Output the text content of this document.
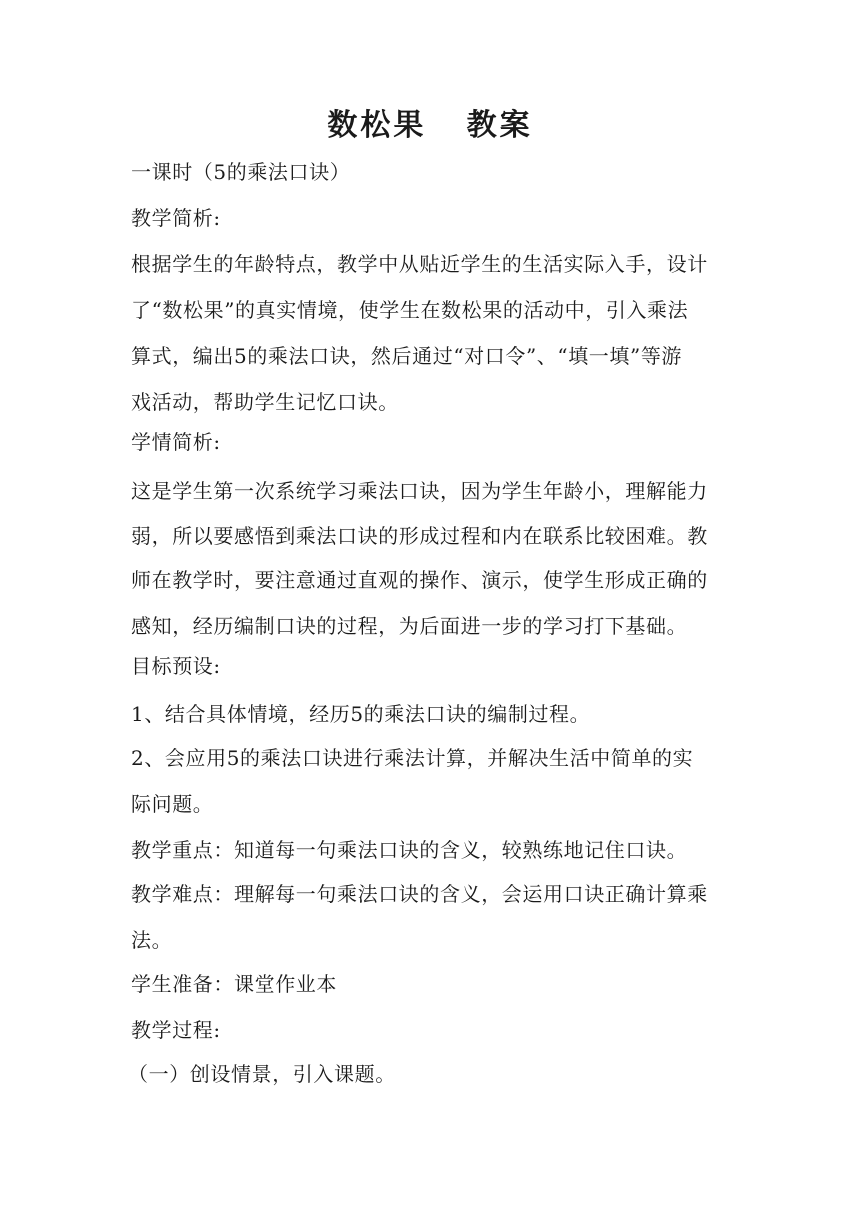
数松果   教案
一课时（5的乘法口诀）
教学简析:
根据学生的年龄特点，教学中从贴近学生的生活实际入手，设计
了“数松果”的真实情境，使学生在数松果的活动中，引入乘法
算式，编出5的乘法口诀，然后通过“对口令”、“填一填”等游
戏活动，帮助学生记忆口诀。
学情简析:
这是学生第一次系统学习乘法口诀，因为学生年龄小，理解能力
弱，所以要感悟到乘法口诀的形成过程和内在联系比较困难。教
师在教学时，要注意通过直观的操作、演示，使学生形成正确的
感知，经历编制口诀的过程，为后面进一步的学习打下基础。
目标预设:
1、结合具体情境，经历5的乘法口诀的编制过程。
2、会应用5的乘法口诀进行乘法计算，并解决生活中简单的实
际问题。
教学重点：知道每一句乘法口诀的含义，较熟练地记住口诀。
教学难点：理解每一句乘法口诀的含义，会运用口诀正确计算乘
法。
学生准备：课堂作业本
教学过程:
（一）创设情景，引入课题。
